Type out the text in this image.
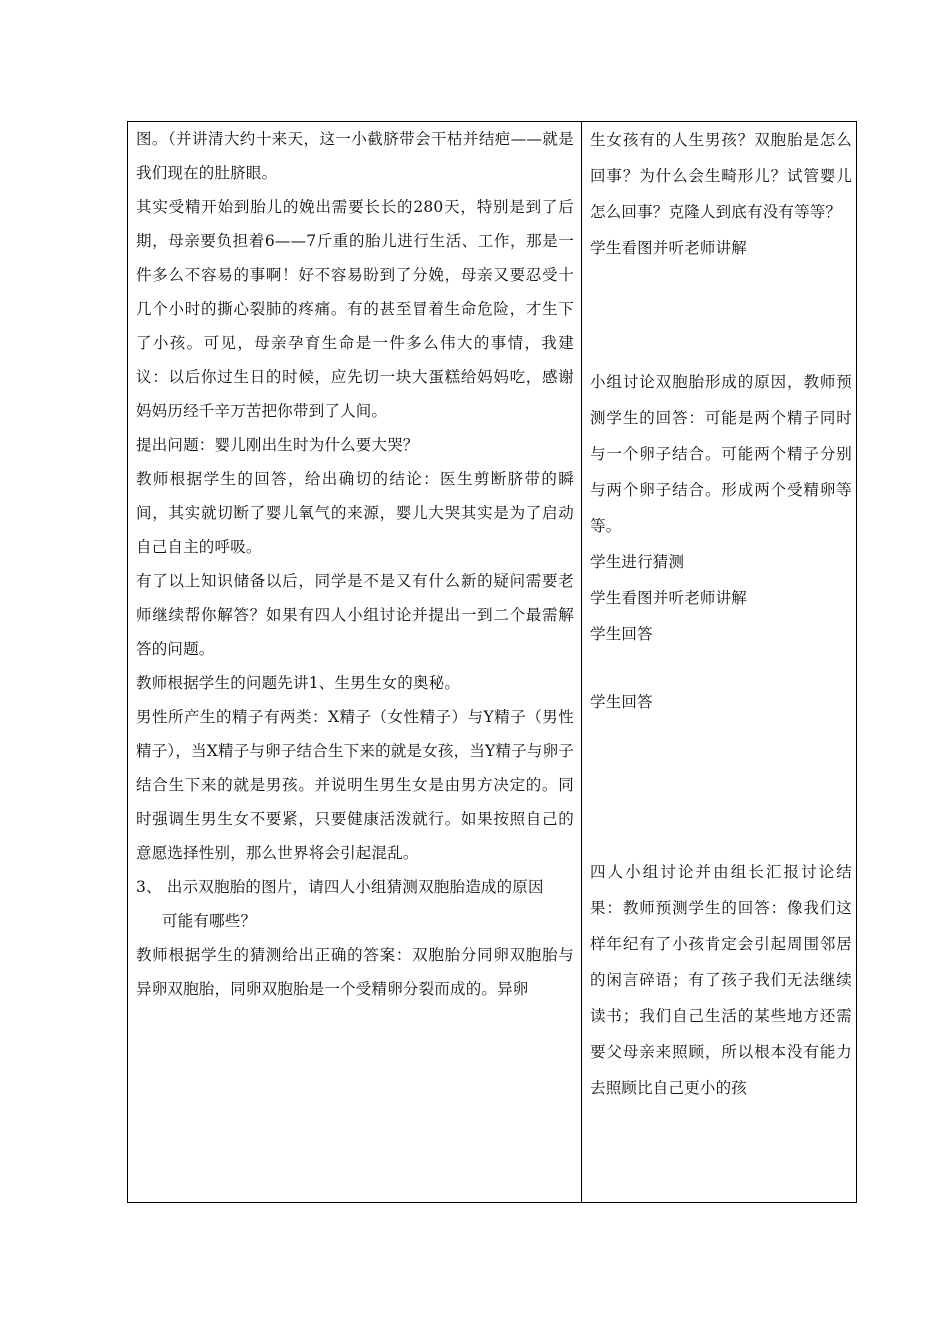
图。（并讲清大约十来天，这一小截脐带会干枯并结疤——就是我们现在的肚脐眼。

其实受精开始到胎儿的娩出需要长长的280天，特别是到了后期，母亲要负担着6——7斤重的胎儿进行生活、工作，那是一件多么不容易的事啊！好不容易盼到了分娩，母亲又要忍受十几个小时的撕心裂肺的疼痛。有的甚至冒着生命危险，才生下了小孩。可见，母亲孕育生命是一件多么伟大的事情，我建议：以后你过生日的时候，应先切一块大蛋糕给妈妈吃，感谢妈妈历经千辛万苦把你带到了人间。

提出问题：婴儿刚出生时为什么要大哭？

教师根据学生的回答，给出确切的结论：医生剪断脐带的瞬间，其实就切断了婴儿氧气的来源，婴儿大哭其实是为了启动自己自主的呼吸。

有了以上知识储备以后，同学是不是又有什么新的疑问需要老师继续帮你解答？如果有四人小组讨论并提出一到二个最需解答的问题。

教师根据学生的问题先讲1、生男生女的奥秘。

男性所产生的精子有两类：X精子（女性精子）与Y精子（男性精子），当X精子与卵子结合生下来的就是女孩，当Y精子与卵子结合生下来的就是男孩。并说明生男生女是由男方决定的。同时强调生男生女不要紧，只要健康活泼就行。如果按照自己的意愿选择性别，那么世界将会引起混乱。

3、 出示双胞胎的图片，请四人小组猜测双胞胎造成的原因

可能有哪些？

教师根据学生的猜测给出正确的答案：双胞胎分同卵双胞胎与异卵双胞胎，同卵双胞胎是一个受精卵分裂而成的。异卵

生女孩有的人生男孩？双胞胎是怎么回事？为什么会生畸形儿？试管婴儿怎么回事？克隆人到底有没有等等？

学生看图并听老师讲解

小组讨论双胞胎形成的原因，教师预测学生的回答：可能是两个精子同时与一个卵子结合。可能两个精子分别与两个卵子结合。形成两个受精卵等等。

学生进行猜测

学生看图并听老师讲解

学生回答

学生回答

四人小组讨论并由组长汇报讨论结果：教师预测学生的回答：像我们这样年纪有了小孩肯定会引起周围邻居的闲言碎语；有了孩子我们无法继续读书；我们自己生活的某些地方还需要父母亲来照顾，所以根本没有能力去照顾比自己更小的孩
